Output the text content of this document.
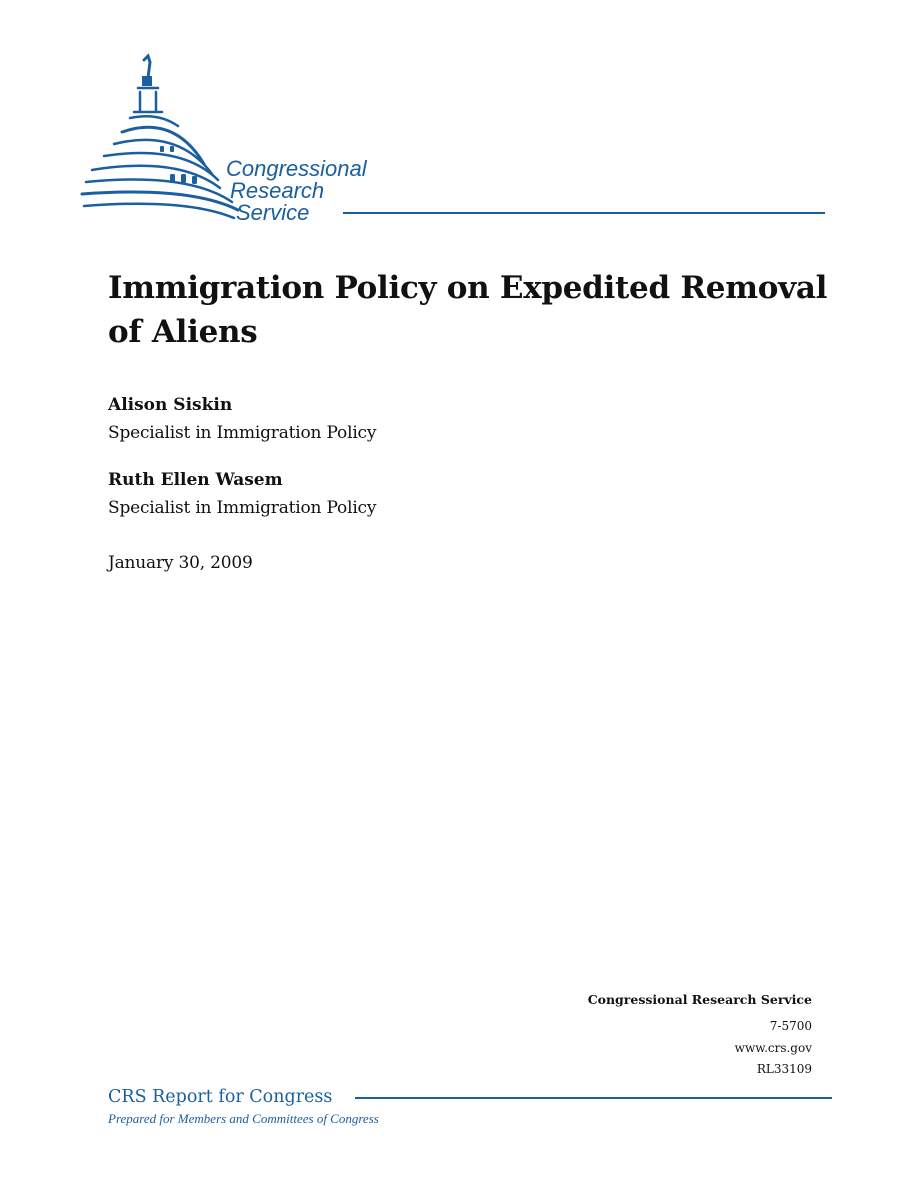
Congressional
Research
Service
Immigration Policy on Expedited Removal of Aliens
Alison Siskin
Specialist in Immigration Policy
Ruth Ellen Wasem
Specialist in Immigration Policy
January 30, 2009
Congressional Research Service
7-5700
www.crs.gov
RL33109
CRS Report for Congress
Prepared for Members and Committees of Congress
